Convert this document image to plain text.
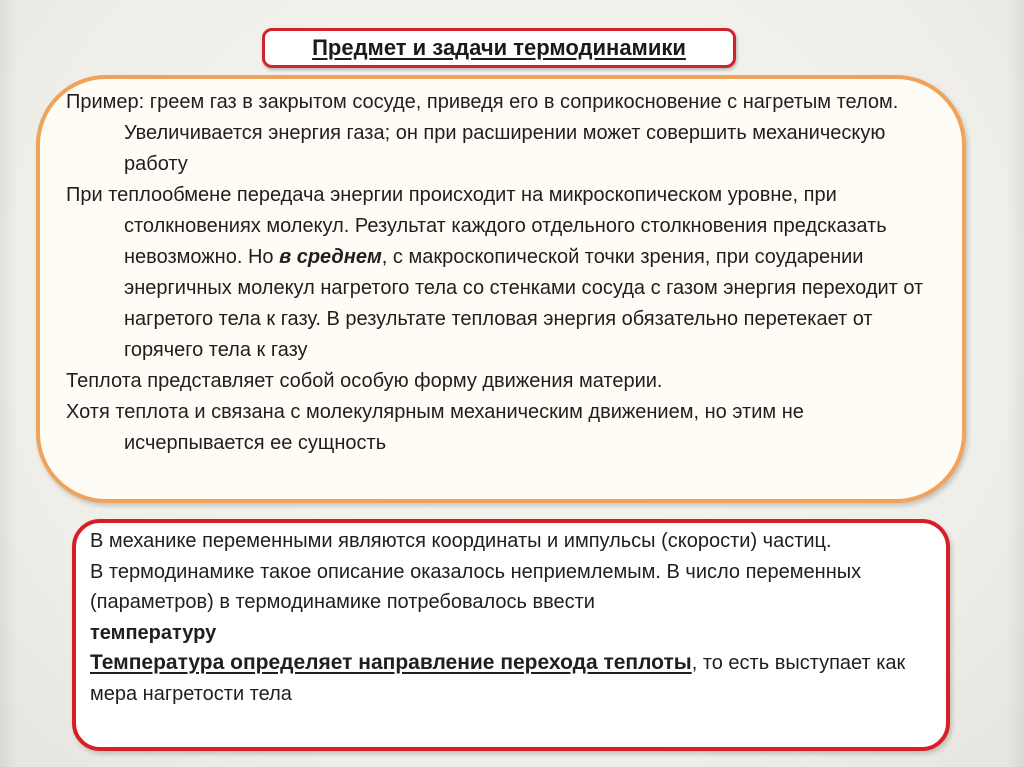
Предмет и задачи термодинамики

Пример: греем газ в закрытом сосуде, приведя его в соприкосновение с нагретым телом. Увеличивается энергия газа; он при расширении может совершить механическую работу

При теплообмене передача энергии происходит на микроскопическом уровне, при столкновениях молекул. Результат каждого отдельного столкновения предсказать невозможно. Но в среднем, с макроскопической точки зрения, при соударении энергичных молекул нагретого тела со стенками сосуда с газом энергия переходит от нагретого тела к газу. В результате тепловая энергия обязательно перетекает от горячего тела к газу

Теплота представляет собой особую форму движения материи.

Хотя теплота и связана с молекулярным механическим движением, но этим не исчерпывается ее сущность

В механике переменными являются координаты и импульсы (скорости) частиц.

В термодинамике такое описание оказалось неприемлемым. В число переменных (параметров) в термодинамике потребовалось ввести

температуру

Температура определяет направление перехода теплоты, то есть выступает как мера нагретости тела
